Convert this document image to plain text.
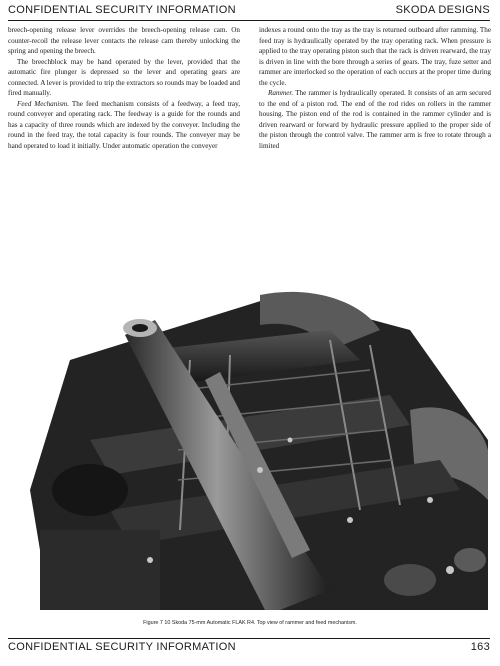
CONFIDENTIAL SECURITY INFORMATION	SKODA DESIGNS

breech-opening release lever overrides the breech-opening release cam. On counter-recoil the release lever contacts the release cam thereby unlocking the spring and opening the breech.

The breechblock may be hand operated by the lever, provided that the automatic fire plunger is depressed so the lever and operating gears are connected. A lever is provided to trip the extractors so rounds may be loaded and fired manually.

Feed Mechanism. The feed mechanism consists of a feedway, a feed tray, round conveyer and operating rack. The feedway is a guide for the rounds and has a capacity of three rounds which are indexed by the conveyer. Including the round in the feed tray, the total capacity is four rounds. The conveyer may be hand operated to load it initially. Under automatic operation the conveyer

indexes a round onto the tray as the tray is returned outboard after ramming. The feed tray is hydraulically operated by the tray operating rack. When pressure is applied to the tray operating piston such that the rack is driven rearward, the tray is driven in line with the bore through a series of gears. The tray, fuze setter and rammer are interlocked so the operation of each occurs at the proper time during the cycle.

Rammer. The rammer is hydraulically operated. It consists of an arm secured to the end of a piston rod. The end of the rod rides on rollers in the rammer housing. The piston end of the rod is contained in the rammer cylinder and is driven rearward or forward by hydraulic pressure applied to the proper side of the piston through the control valve. The rammer arm is free to rotate through a limited

Figure 7 10 Skoda 75-mm Automatic FLAK R4. Top view of rammer and feed mechanism.
CONFIDENTIAL SECURITY INFORMATION	163
